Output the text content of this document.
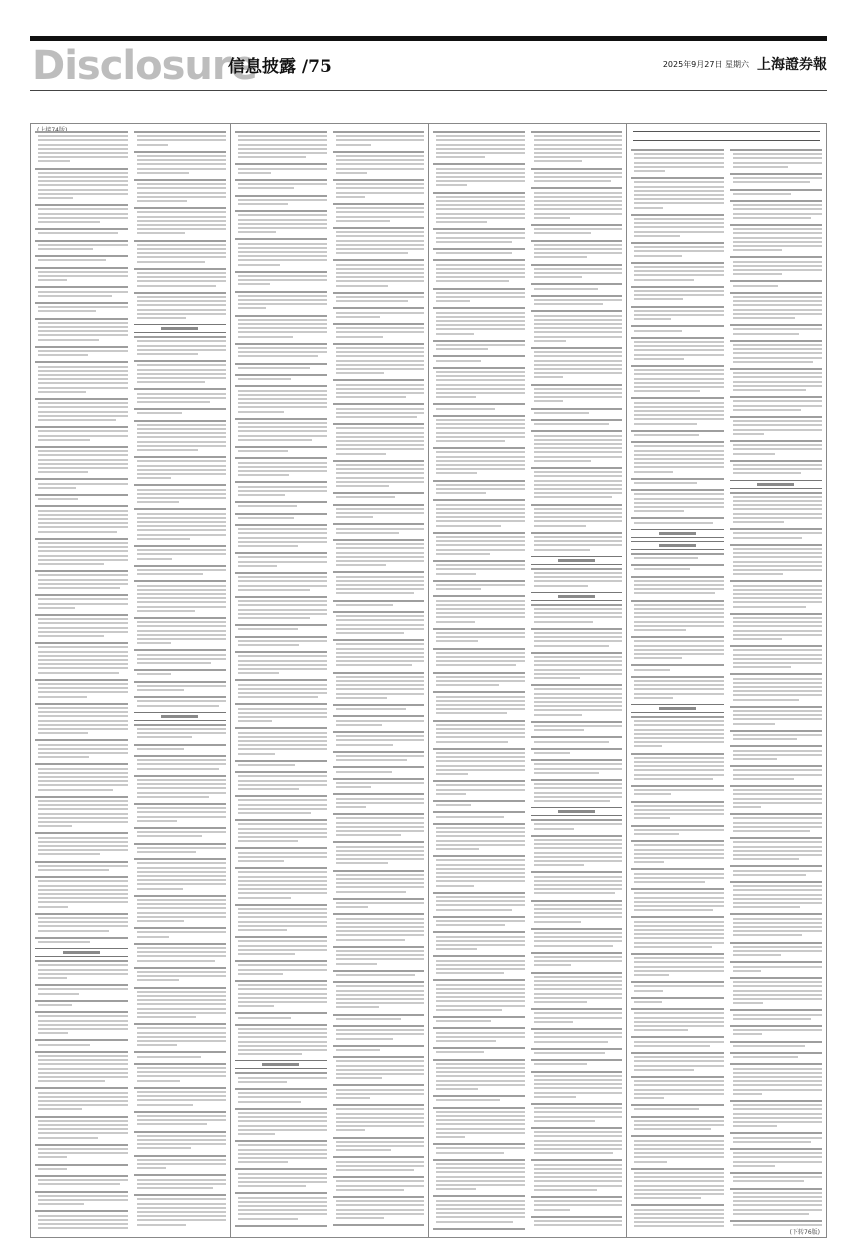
Disclosure
信息披露 /75	2025年9月27日 星期六 上海證券報
(下转76版)
